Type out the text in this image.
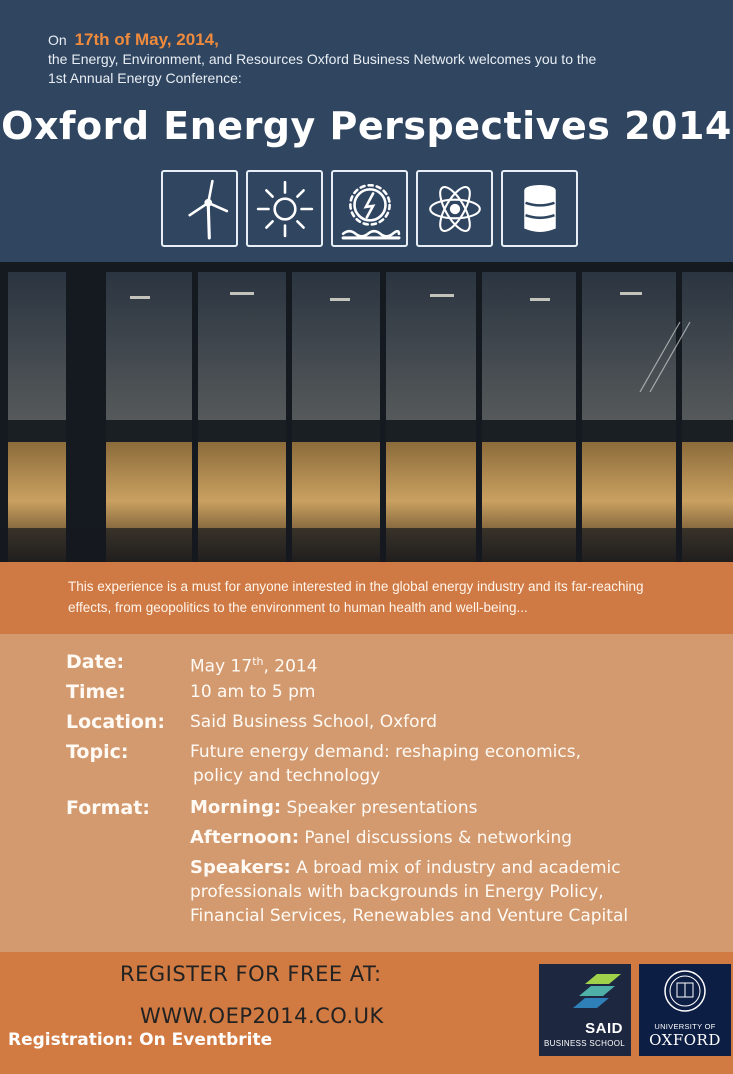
On 17th of May, 2014,
the Energy, Environment, and Resources Oxford Business Network welcomes you to the
1st Annual Energy Conference:
Oxford Energy Perspectives 2014
This experience is a must for anyone interested in the global energy industry and its far-reaching effects, from geopolitics to the environment to human health and well-being...
Date:	May 17th, 2014
Time:	10 am to 5 pm
Location: Said Business School, Oxford
Topic:	Future energy demand: reshaping economics,
policy and technology
Format: Morning: Speaker presentations
Afternoon: Panel discussions & networking
Speakers: A broad mix of industry and academic
professionals with backgrounds in Energy Policy,
Financial Services, Renewables and Venture Capital
REGISTER FOR FREE AT:
WWW.OEP2014.CO.UK
Registration: On Eventbrite
SAID
BUSINESS SCHOOL
UNIVERSITY OF
OXFORD
